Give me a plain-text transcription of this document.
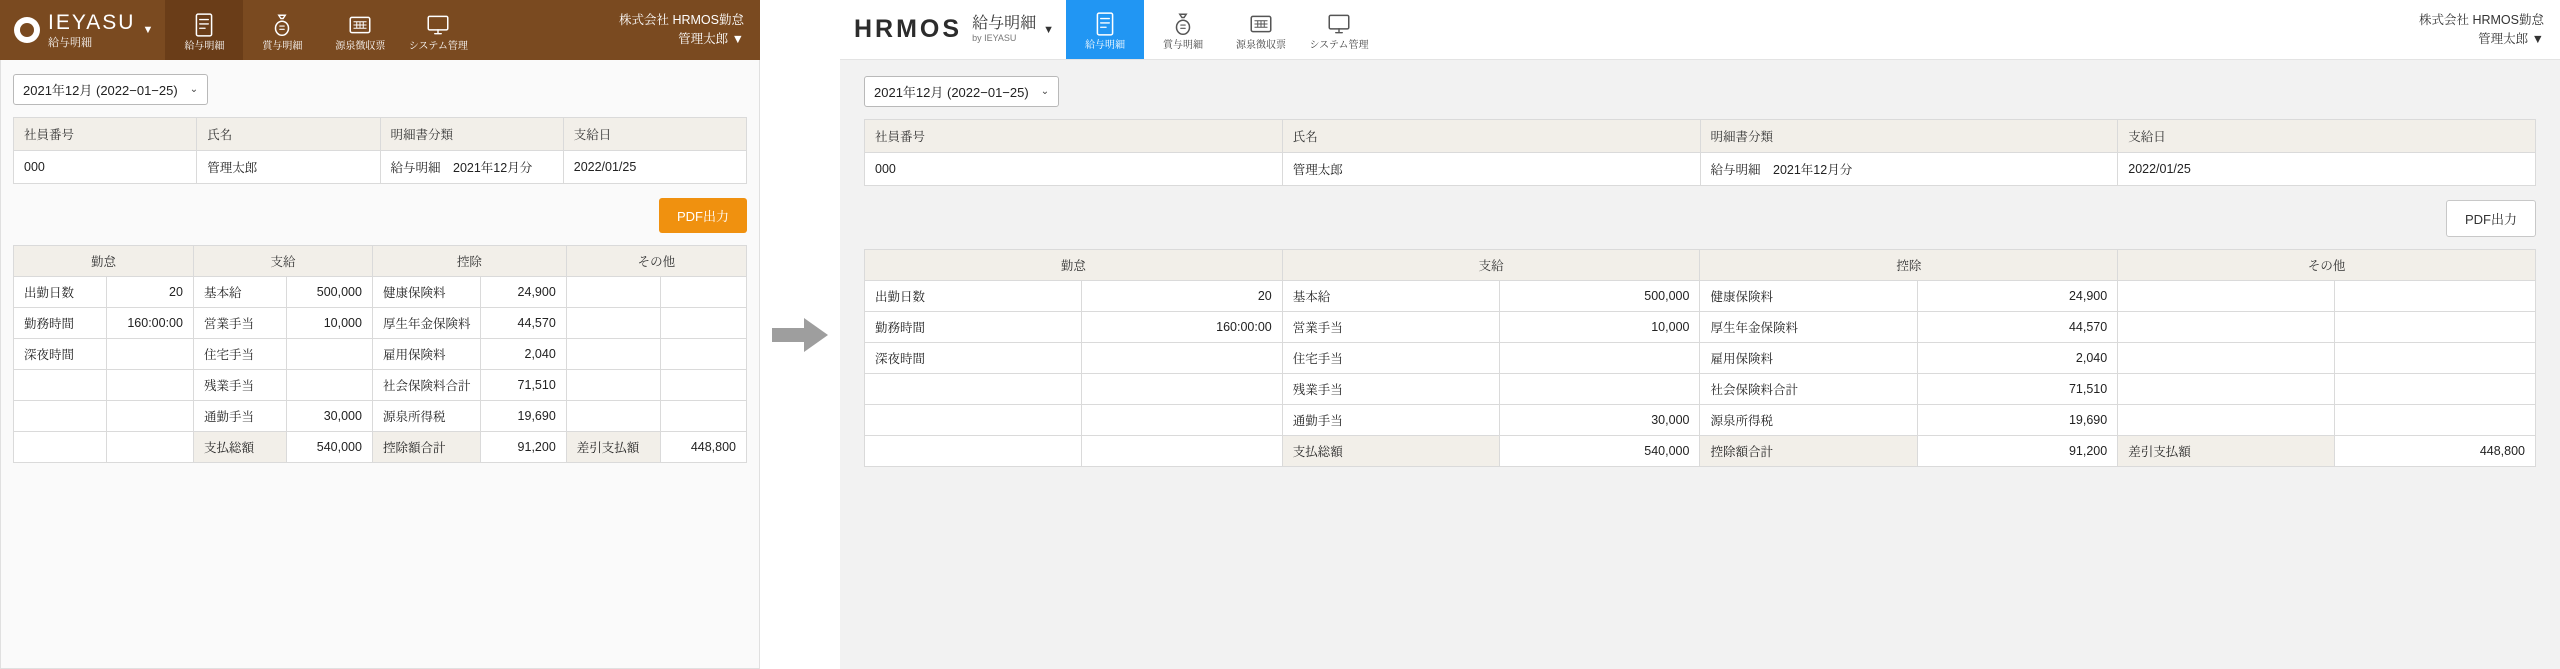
IEYASU
給与明細
▼
給与明細	賞与明細	源泉徴収票 システム管理
株式会社 HRMOS勤怠
管理太郎 ▼
2021年12月 (2022−01−25) ⌄
社員番号	氏名	明細書分類	支給日
000	管理太郎	給与明細　2021年12月分	2022/01/25
PDF出力
勤怠		支給		控除		その他	
出勤日数	20	基本給	500,000	健康保険料	24,900		
勤務時間	160:00:00	営業手当	10,000	厚生年金保険料	44,570		
深夜時間		住宅手当		雇用保険料	2,040		
		残業手当		社会保険料合計	71,510		
		通勤手当	30,000	源泉所得税	19,690		
		支払総額	540,000	控除額合計	91,200	差引支払額	448,800
HRMOS 給与明細
by IEYASU
▼
給与明細	賞与明細	源泉徴収票 システム管理
株式会社 HRMOS勤怠
管理太郎 ▼
2021年12月 (2022−01−25) ⌄
社員番号	氏名	明細書分類	支給日
000	管理太郎	給与明細　2021年12月分	2022/01/25
PDF出力
勤怠		支給		控除		その他	
出勤日数	20	基本給	500,000	健康保険料	24,900		
勤務時間	160:00:00	営業手当	10,000	厚生年金保険料	44,570		
深夜時間		住宅手当		雇用保険料	2,040		
		残業手当		社会保険料合計	71,510		
		通勤手当	30,000	源泉所得税	19,690		
		支払総額	540,000	控除額合計	91,200	差引支払額	448,800
